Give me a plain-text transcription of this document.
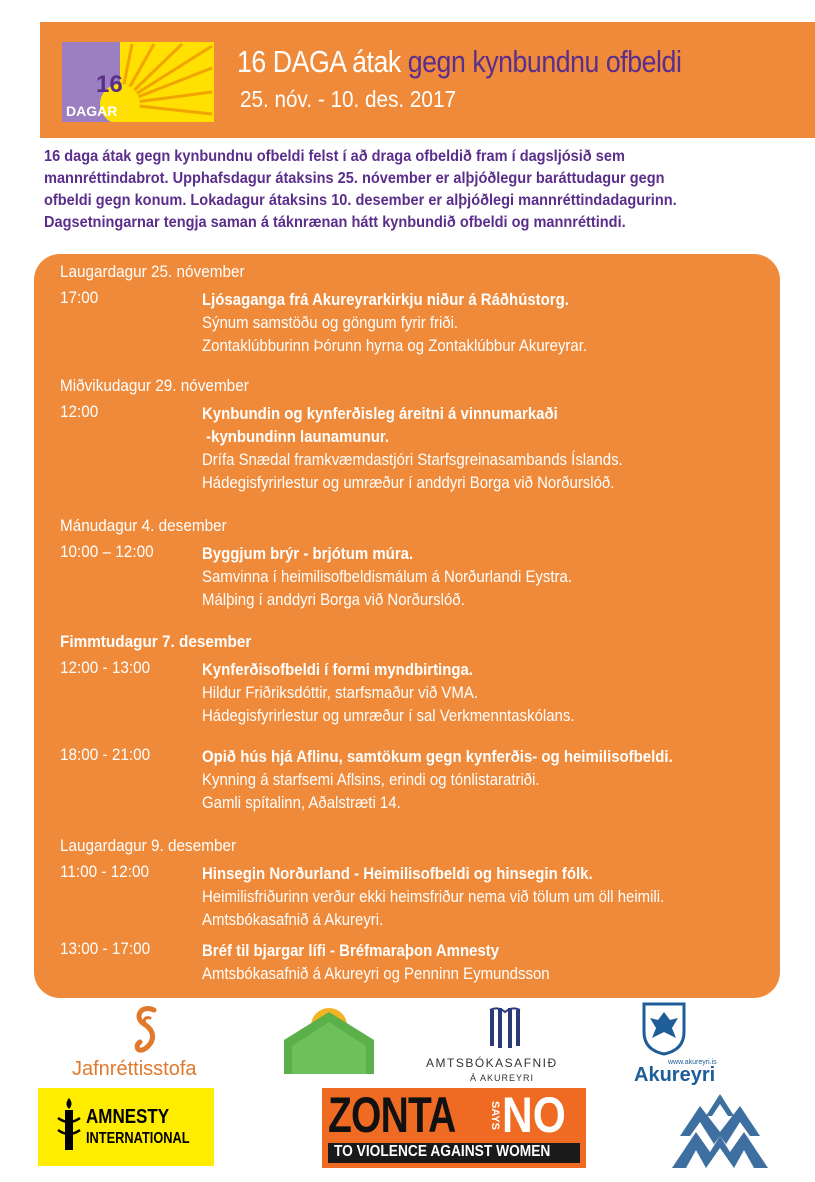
16
DAGAR
16 DAGA átak gegn kynbundnu ofbeldi
25. nóv. - 10. des. 2017

16 daga átak gegn kynbundnu ofbeldi felst í að draga ofbeldið fram í dagsljósið sem

mannréttindabrot. Upphafsdagur átaksins 25. nóvember er alþjóðlegur baráttudagur gegn

ofbeldi gegn konum. Lokadagur átaksins 10. desember er alþjóðlegi mannréttindadagurinn.

Dagsetningarnar tengja saman á táknrænan hátt kynbundið ofbeldi og mannréttindi.

Laugardagur 25. nóvember
17:00	Ljósaganga frá Akureyrarkirkju niður á Ráðhústorg.
Sýnum samstöðu og göngum fyrir friði.
Zontaklúbburinn Þórunn hyrna og Zontaklúbbur Akureyrar.
Miðvikudagur 29. nóvember
12:00	Kynbundin og kynferðisleg áreitni á vinnumarkaði
-kynbundinn launamunur.
Drífa Snædal framkvæmdastjóri Starfsgreinasambands Íslands.
Hádegisfyrirlestur og umræður í anddyri Borga við Norðurslóð.
Mánudagur 4. desember
10:00 – 12:00	Byggjum brýr - brjótum múra.
Samvinna í heimilisofbeldismálum á Norðurlandi Eystra.
Málþing í anddyri Borga við Norðurslóð.
Fimmtudagur 7. desember
12:00 - 13:00	Kynferðisofbeldi í formi myndbirtinga.
Hildur Friðriksdóttir, starfsmaður við VMA.
Hádegisfyrirlestur og umræður í sal Verkmenntaskólans.
18:00 - 21:00	Opið hús hjá Aflinu, samtökum gegn kynferðis- og heimilisofbeldi.
Kynning á starfsemi Aflsins, erindi og tónlistaratriði.
Gamli spítalinn, Aðalstræti 14.
Laugardagur 9. desember
11:00 - 12:00	Hinsegin Norðurland - Heimilisofbeldi og hinsegin fólk.
Heimilisfriðurinn verður ekki heimsfriður nema við tölum um öll heimili.
Amtsbókasafnið á Akureyri.
13:00 - 17:00	Bréf til bjargar lífi - Bréfmaraþon Amnesty
Amtsbókasafnið á Akureyri og Penninn Eymundsson
Jafnréttisstofa	AMTSBÓKASAFNIÐ
Á AKUREYRI
www.akureyri.is
Akureyri
AMNESTY
INTERNATIONAL	ZONTA	SAYS NO
TO VIOLENCE AGAINST WOMEN
